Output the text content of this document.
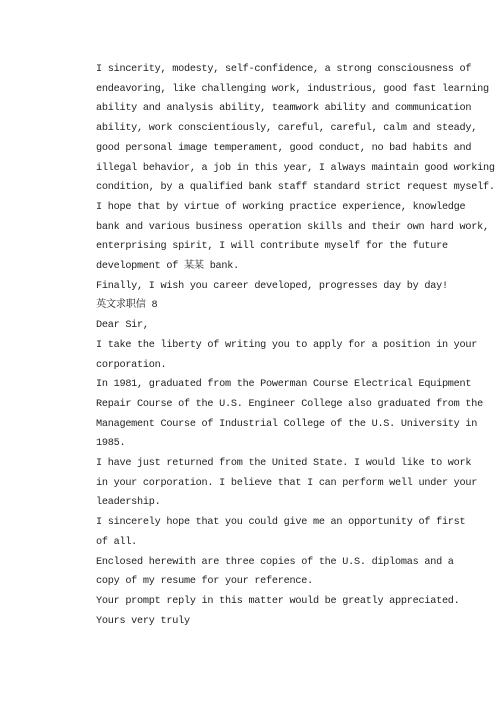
I sincerity, modesty, self-confidence, a strong consciousness of
endeavoring, like challenging work, industrious, good fast learning
ability and analysis ability, teamwork ability and communication
ability, work conscientiously, careful, careful, calm and steady,
good personal image temperament, good conduct, no bad habits and
illegal behavior, a job in this year, I always maintain good working
condition, by a qualified bank staff standard strict request myself.

I hope that by virtue of working practice experience, knowledge
bank and various business operation skills and their own hard work,
enterprising spirit, I will contribute myself for the future
development of 某某 bank.

Finally, I wish you career developed, progresses day by day!

英文求职信 8

Dear Sir,

I take the liberty of writing you to apply for a position in your
corporation.

In 1981, graduated from the Powerman Course Electrical Equipment
Repair Course of the U.S. Engineer College also graduated from the
Management Course of Industrial College of the U.S. University in
1985.

I have just returned from the United State. I would like to work
in your corporation. I believe that I can perform well under your
leadership.

I sincerely hope that you could give me an opportunity of first
of all.

Enclosed herewith are three copies of the U.S. diplomas and a
copy of my resume for your reference.

Your prompt reply in this matter would be greatly appreciated.

Yours very truly
